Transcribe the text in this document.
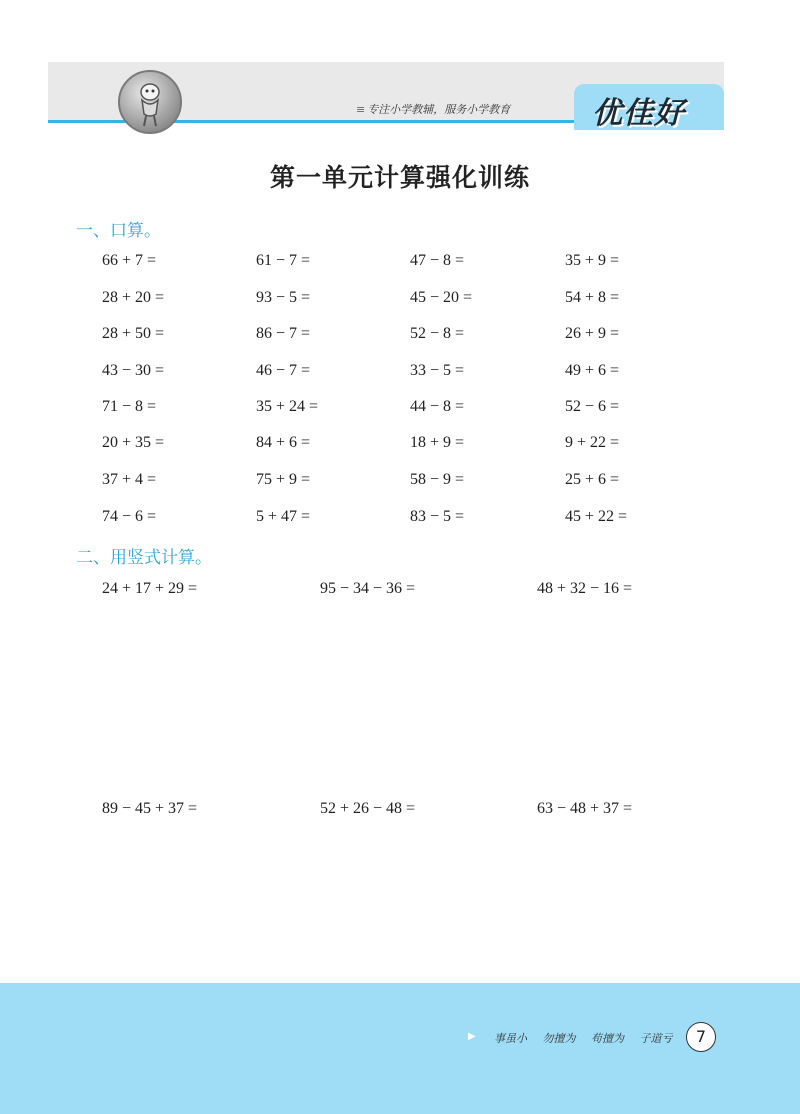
≡ 专注小学教辅，服务小学教育	优佳好
第一单元计算强化训练
一、口算。
66 + 7 =	61 − 7 =	47 − 8 =	35 + 9 =
28 + 20 =	93 − 5 =	45 − 20 =	54 + 8 =
28 + 50 =	86 − 7 =	52 − 8 =	26 + 9 =
43 − 30 =	46 − 7 =	33 − 5 =	49 + 6 =
71 − 8 =	35 + 24 =	44 − 8 =	52 − 6 =
20 + 35 =	84 + 6 =	18 + 9 =	9 + 22 =
37 + 4 =	75 + 9 =	58 − 9 =	25 + 6 =
74 − 6 =	5 + 47 =	83 − 5 =	45 + 22 =
二、用竖式计算。
24 + 17 + 29 =	95 − 34 − 36 =	48 + 32 − 16 =
89 − 45 + 37 =	52 + 26 − 48 =	63 − 48 + 37 =
▶ 事虽小 勿擅为 苟擅为 子道亏	7
